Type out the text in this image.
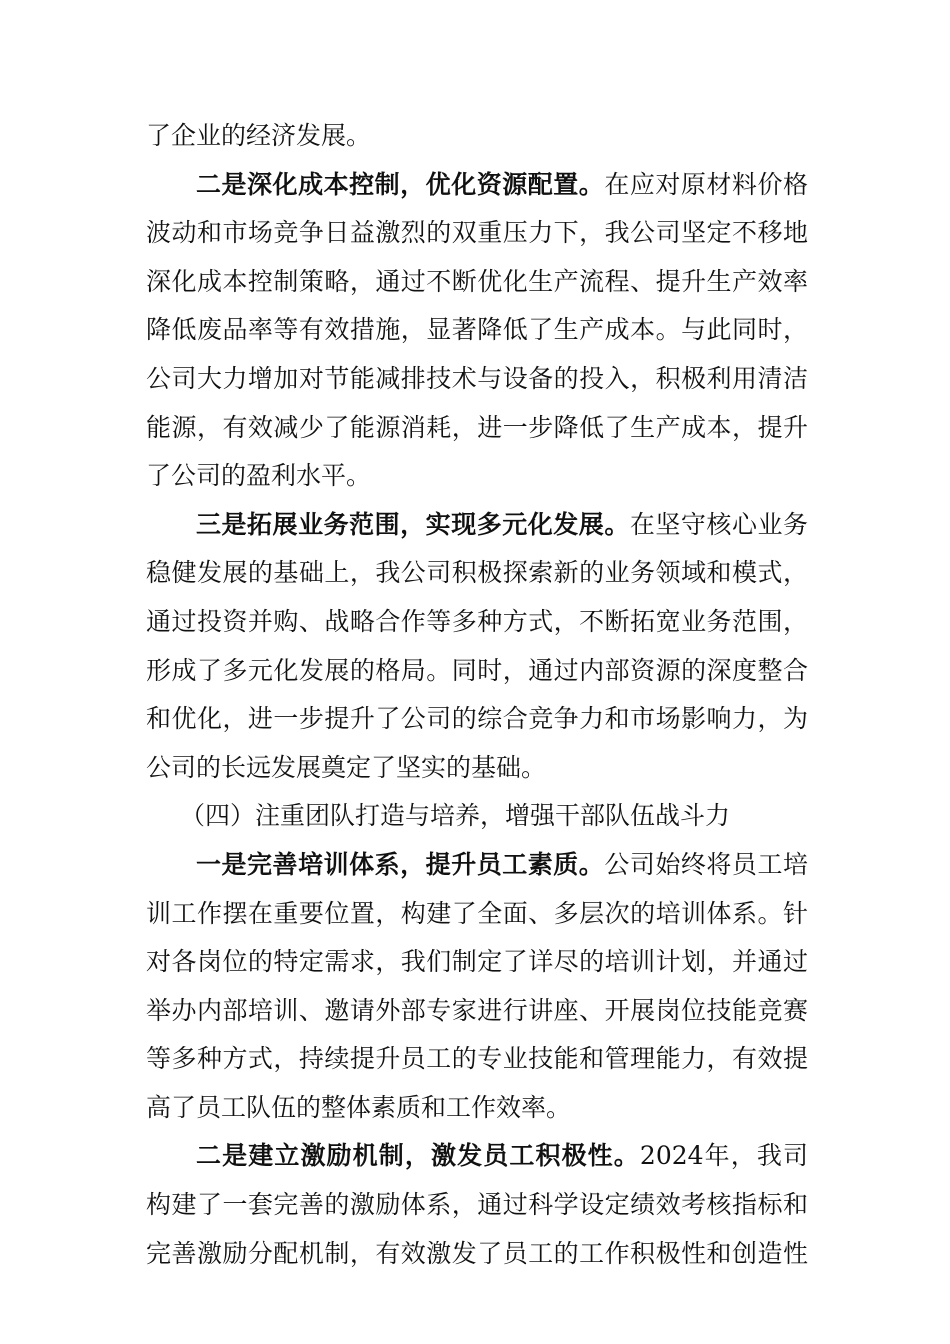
了企业的经济发展。
二是深化成本控制，优化资源配置。在应对原材料价格
波动和市场竞争日益激烈的双重压力下，我公司坚定不移地
深化成本控制策略，通过不断优化生产流程、提升生产效率
降低废品率等有效措施，显著降低了生产成本。与此同时，
公司大力增加对节能减排技术与设备的投入，积极利用清洁
能源，有效减少了能源消耗，进一步降低了生产成本，提升
了公司的盈利水平。
三是拓展业务范围，实现多元化发展。在坚守核心业务
稳健发展的基础上，我公司积极探索新的业务领域和模式，
通过投资并购、战略合作等多种方式，不断拓宽业务范围，
形成了多元化发展的格局。同时，通过内部资源的深度整合
和优化，进一步提升了公司的综合竞争力和市场影响力，为
公司的长远发展奠定了坚实的基础。
（四）注重团队打造与培养，增强干部队伍战斗力
一是完善培训体系，提升员工素质。公司始终将员工培
训工作摆在重要位置，构建了全面、多层次的培训体系。针
对各岗位的特定需求，我们制定了详尽的培训计划，并通过
举办内部培训、邀请外部专家进行讲座、开展岗位技能竞赛
等多种方式，持续提升员工的专业技能和管理能力，有效提
高了员工队伍的整体素质和工作效率。
二是建立激励机制，激发员工积极性。2024年，我司
构建了一套完善的激励体系，通过科学设定绩效考核指标和
完善激励分配机制，有效激发了员工的工作积极性和创造性
